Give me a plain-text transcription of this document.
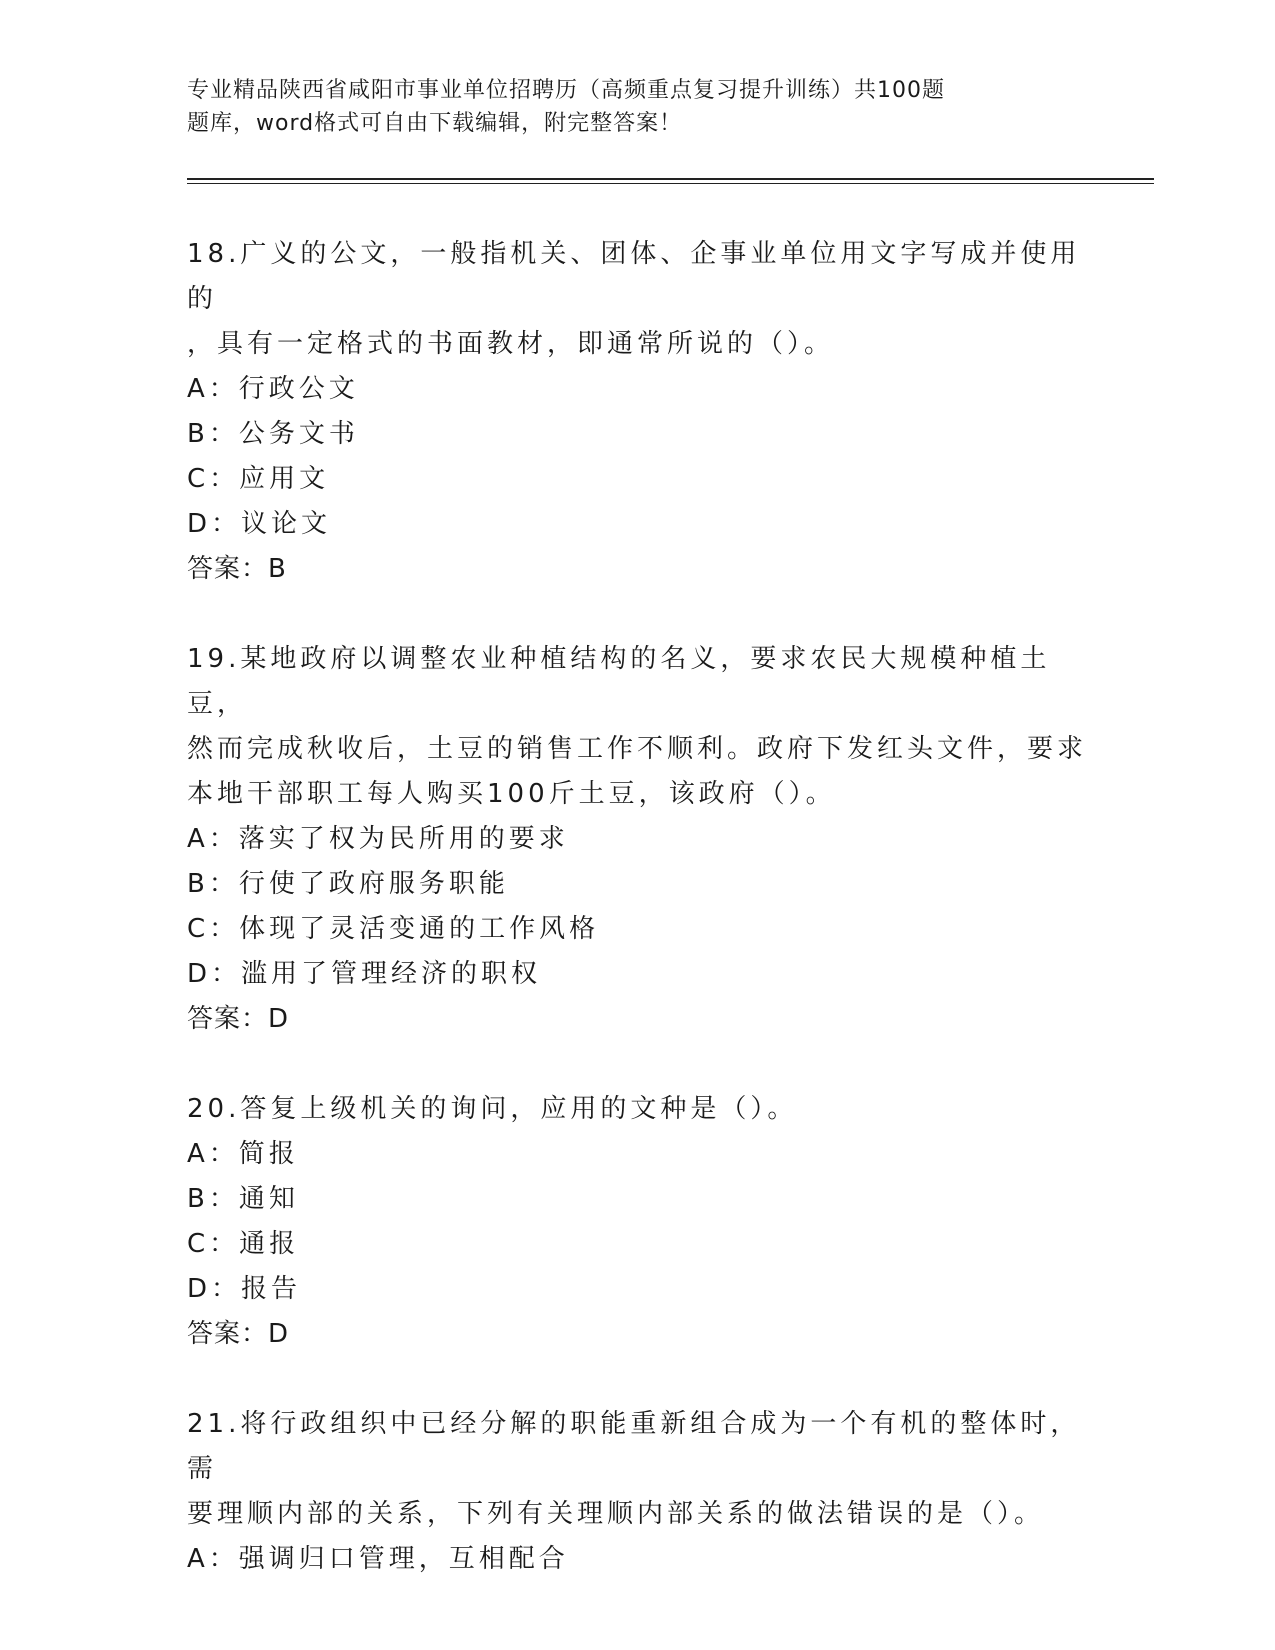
专业精品陕西省咸阳市事业单位招聘历（高频重点复习提升训练）共100题
题库，word格式可自由下载编辑，附完整答案！
18.广义的公文，一般指机关、团体、企事业单位用文字写成并使用的
，具有一定格式的书面教材，即通常所说的（）。
A：行政公文
B：公务文书
C：应用文
D：议论文
答案：B
19.某地政府以调整农业种植结构的名义，要求农民大规模种植土豆，
然而完成秋收后，土豆的销售工作不顺利。政府下发红头文件，要求
本地干部职工每人购买100斤土豆，该政府（）。
A：落实了权为民所用的要求
B：行使了政府服务职能
C：体现了灵活变通的工作风格
D：滥用了管理经济的职权
答案：D
20.答复上级机关的询问，应用的文种是（）。
A：简报
B：通知
C：通报
D：报告
答案：D
21.将行政组织中已经分解的职能重新组合成为一个有机的整体时，需
要理顺内部的关系，下列有关理顺内部关系的做法错误的是（）。
A：强调归口管理，互相配合
